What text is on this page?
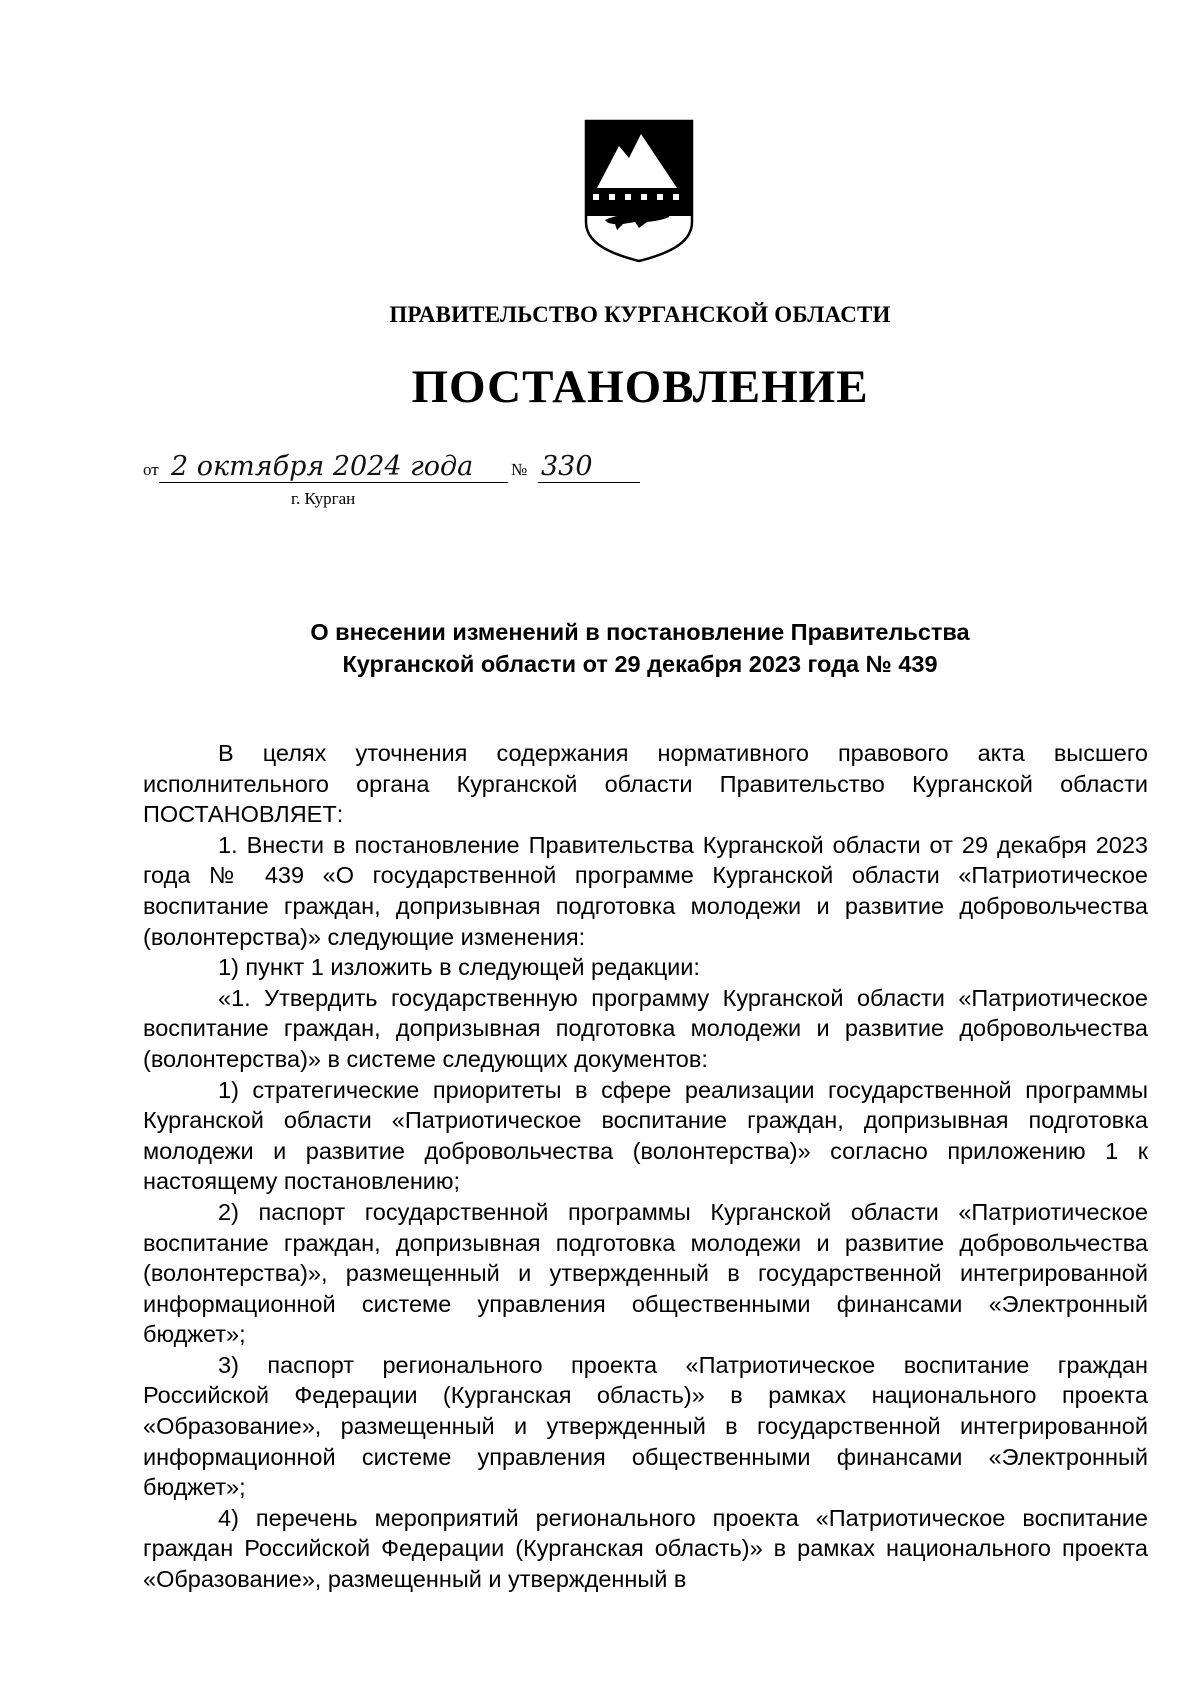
ПРАВИТЕЛЬСТВО КУРГАНСКОЙ ОБЛАСТИ
ПОСТАНОВЛЕНИЕ
от 2 октября 2024 года № 330
г. Курган
О внесении изменений в постановление Правительства
Курганской области от 29 декабря 2023 года № 439

В целях уточнения содержания нормативного правового акта высшего исполнительного органа Курганской области Правительство Курганской области ПОСТАНОВЛЯЕТ:

1. Внести в постановление Правительства Курганской области от 29 декабря 2023 года № 439 «О государственной программе Курганской области «Патриотическое воспитание граждан, допризывная подготовка молодежи и развитие добровольчества (волонтерства)» следующие изменения:

1) пункт 1 изложить в следующей редакции:

«1. Утвердить государственную программу Курганской области «Патриотическое воспитание граждан, допризывная подготовка молодежи и развитие добровольчества (волонтерства)» в системе следующих документов:

1) стратегические приоритеты в сфере реализации государственной программы Курганской области «Патриотическое воспитание граждан, допризывная подготовка молодежи и развитие добровольчества (волонтерства)» согласно приложению 1 к настоящему постановлению;

2) паспорт государственной программы Курганской области «Патриотическое воспитание граждан, допризывная подготовка молодежи и развитие добровольчества (волонтерства)», размещенный и утвержденный в государственной интегрированной информационной системе управления общественными финансами «Электронный бюджет»;

3) паспорт регионального проекта «Патриотическое воспитание граждан Российской Федерации (Курганская область)» в рамках национального проекта «Образование», размещенный и утвержденный в государственной интегрированной информационной системе управления общественными финансами «Электронный бюджет»;

4) перечень мероприятий регионального проекта «Патриотическое воспитание граждан Российской Федерации (Курганская область)» в рамках национального проекта «Образование», размещенный и утвержденный в
